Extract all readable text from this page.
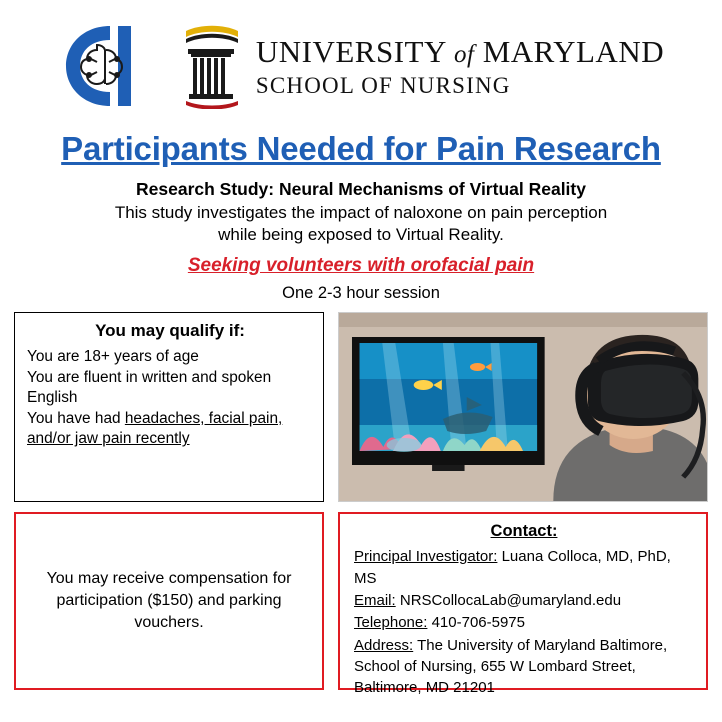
UNIVERSITY of MARYLAND
SCHOOL OF NURSING
Participants Needed for Pain Research
Research Study: Neural Mechanisms of Virtual Reality
This study investigates the impact of naloxone on pain perception while being exposed to Virtual Reality.
Seeking volunteers with orofacial pain
One 2-3 hour session
You may qualify if:
You are 18+ years of age
You are fluent in written and spoken English
You have had headaches, facial pain, and/or jaw pain recently
You may receive compensation for participation ($150) and parking vouchers.
Contact:
Principal Investigator: Luana Colloca, MD, PhD, MS
Email: NRSCollocaLab@umaryland.edu
Telephone: 410-706-5975
Address: The University of Maryland Baltimore, School of Nursing, 655 W Lombard Street, Baltimore, MD 21201
